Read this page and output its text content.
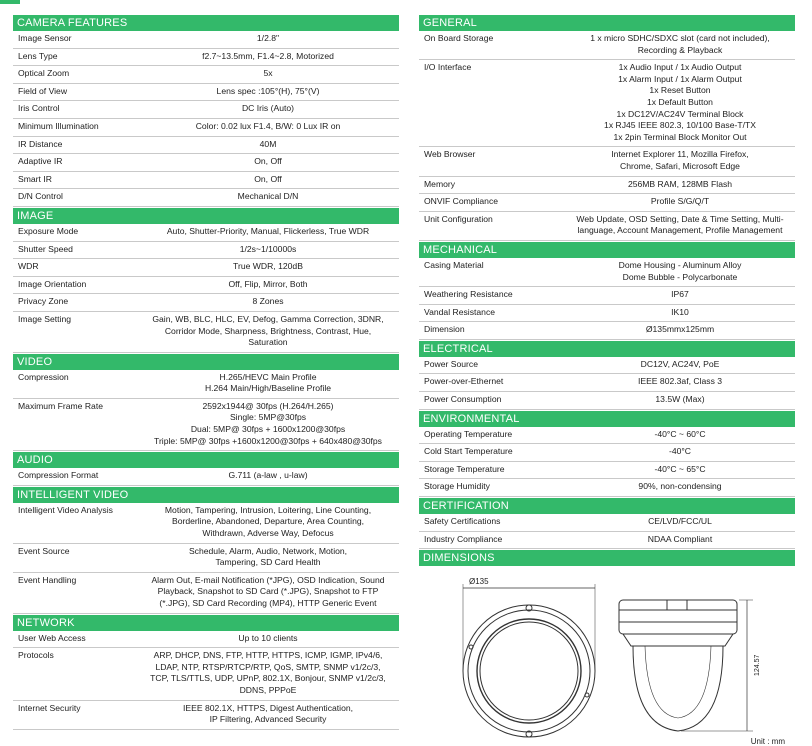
CAMERA FEATURES
Image Sensor	1/2.8"
Lens Type	f2.7~13.5mm, F1.4~2.8, Motorized
Optical Zoom	5x
Field of View	Lens spec :105°(H), 75°(V)
Iris Control	DC Iris (Auto)
Minimum Illumination	Color: 0.02 lux F1.4, B/W: 0 Lux IR on
IR Distance	40M
Adaptive IR	On, Off
Smart IR	On, Off
D/N Control	Mechanical D/N
IMAGE
Exposure Mode	Auto, Shutter-Priority, Manual, Flickerless, True WDR
Shutter Speed	1/2s~1/10000s
WDR	True WDR, 120dB
Image Orientation	Off, Flip, Mirror, Both
Privacy Zone	8 Zones
Image Setting	Gain, WB, BLC, HLC, EV, Defog, Gamma Correction, 3DNR,
Corridor Mode, Sharpness, Brightness, Contrast, Hue,
Saturation
VIDEO
Compression	H.265/HEVC Main Profile
H.264 Main/High/Baseline Profile
Maximum Frame Rate	2592x1944@ 30fps (H.264/H.265)
Single: 5MP@30fps
Dual: 5MP@ 30fps + 1600x1200@30fps
Triple: 5MP@ 30fps +1600x1200@30fps + 640x480@30fps
AUDIO
Compression Format	G.711 (a-law , u-law)
INTELLIGENT VIDEO
Intelligent Video Analysis	Motion, Tampering, Intrusion, Loitering, Line Counting,
Borderline, Abandoned, Departure, Area Counting,
Withdrawn, Adverse Way, Defocus
Event Source	Schedule, Alarm, Audio, Network, Motion,
Tampering, SD Card Health
Event Handling	Alarm Out, E-mail Notification (*JPG), OSD Indication, Sound
Playback, Snapshot to SD Card (*.JPG), Snapshot to FTP
(*.JPG), SD Card Recording (MP4), HTTP Generic Event
NETWORK
User Web Access	Up to 10 clients
Protocols	ARP, DHCP, DNS, FTP, HTTP, HTTPS, ICMP, IGMP, IPv4/6,
LDAP, NTP, RTSP/RTCP/RTP, QoS, SMTP, SNMP v1/2c/3,
TCP, TLS/TTLS, UDP, UPnP, 802.1X, Bonjour, SNMP v1/2c/3,
DDNS, PPPoE
Internet Security	IEEE 802.1X, HTTPS, Digest Authentication,
IP Filtering, Advanced Security
GENERAL
On Board Storage	1 x micro SDHC/SDXC slot (card not included),
Recording & Playback
I/O Interface	1x Audio Input / 1x Audio Output
1x Alarm Input / 1x Alarm Output
1x Reset Button
1x Default Button
1x DC12V/AC24V Terminal Block
1x RJ45 IEEE 802.3, 10/100 Base-T/TX
1x 2pin Terminal Block Monitor Out
Web Browser	Internet Explorer 11, Mozilla Firefox,
Chrome, Safari, Microsoft Edge
Memory	256MB RAM, 128MB Flash
ONVIF Compliance	Profile S/G/Q/T
Unit Configuration	Web Update, OSD Setting, Date & Time Setting, Multi-
language, Account Management, Profile Management
MECHANICAL
Casing Material	Dome Housing - Aluminum Alloy
Dome Bubble - Polycarbonate
Weathering Resistance	IP67
Vandal Resistance	IK10
Dimension	Ø135mmx125mm
ELECTRICAL
Power Source	DC12V, AC24V, PoE
Power-over-Ethernet	IEEE 802.3af, Class 3
Power Consumption	13.5W (Max)
ENVIRONMENTAL
Operating Temperature	-40°C ~ 60°C
Cold Start Temperature	-40°C
Storage Temperature	-40°C ~ 65°C
Storage Humidity	90%, non-condensing
CERTIFICATION
Safety Certifications	CE/LVD/FCC/UL
Industry Compliance	NDAA Compliant
DIMENSIONS
Ø135
124.57
Unit : mm
